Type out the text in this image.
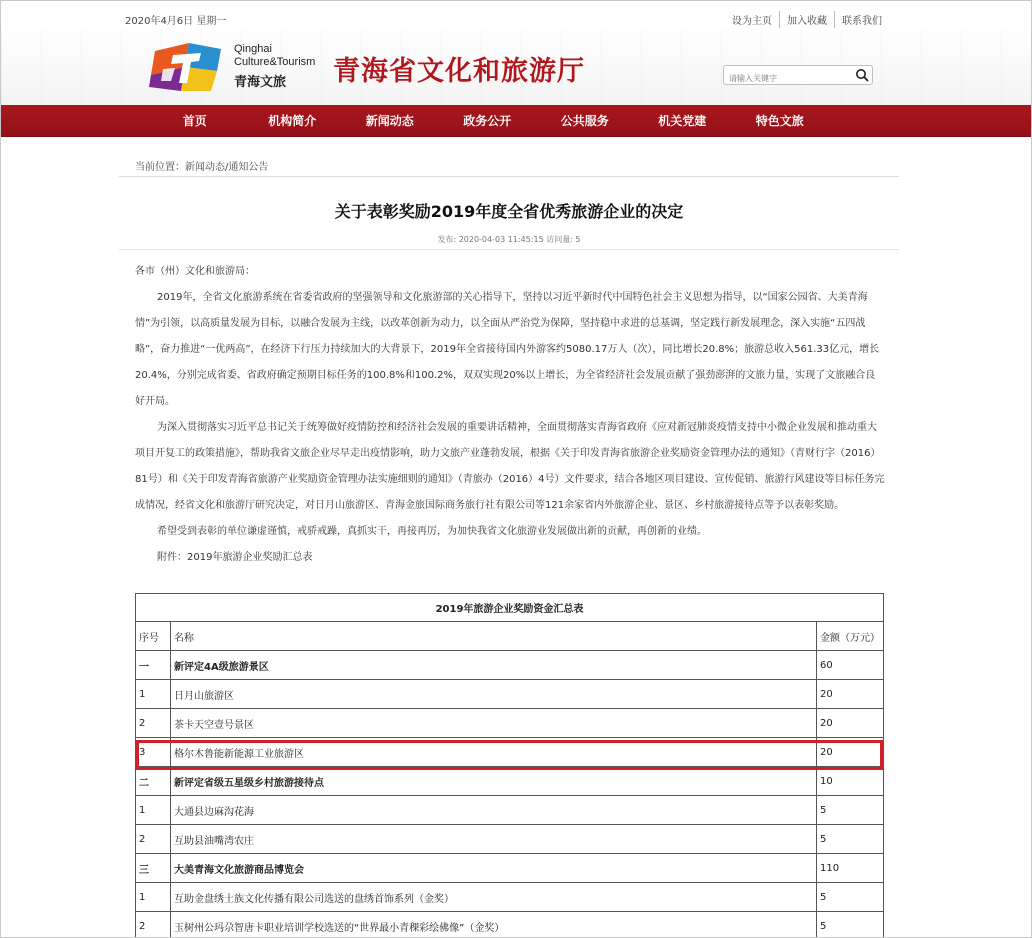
2020年4月6日 星期一	设为主页	加入收藏	联系我们
Qinghai
Culture&Tourism
青海文旅 青海省文化和旅游厅
请输入关键字
首页	机构简介	新闻动态	政务公开	公共服务	机关党建	特色文旅
当前位置：新闻动态/通知公告
关于表彰奖励2019年度全省优秀旅游企业的决定
发布: 2020-04-03 11:45:15 访问量: 5

各市（州）文化和旅游局：

2019年，全省文化旅游系统在省委省政府的坚强领导和文化旅游部的关心指导下，坚持以习近平新时代中国特色社会主义思想为指导，以“国家公园省、大美青海情”为引领，以高质量发展为目标，以融合发展为主线，以改革创新为动力，以全面从严治党为保障，坚持稳中求进的总基调，坚定践行新发展理念，深入实施“五四战略”，奋力推进“一优两高”，在经济下行压力持续加大的大背景下，2019年全省接待国内外游客约5080.17万人（次），同比增长20.8%；旅游总收入561.33亿元，增长20.4%，分别完成省委、省政府确定预期目标任务的100.8%和100.2%，双双实现20%以上增长，为全省经济社会发展贡献了强劲澎湃的文旅力量，实现了文旅融合良好开局。

为深入贯彻落实习近平总书记关于统筹做好疫情防控和经济社会发展的重要讲话精神，全面贯彻落实青海省政府《应对新冠肺炎疫情支持中小微企业发展和推动重大项目开复工的政策措施》，帮助我省文旅企业尽早走出疫情影响，助力文旅产业蓬勃发展，根据《关于印发青海省旅游企业奖励资金管理办法的通知》（青财行字（2016）81号）和《关于印发青海省旅游产业奖励资金管理办法实施细则的通知》（青旅办（2016）4号）文件要求，结合各地区项目建设、宣传促销、旅游行风建设等目标任务完成情况，经省文化和旅游厅研究决定，对日月山旅游区、青海金旅国际商务旅行社有限公司等121余家省内外旅游企业、景区、乡村旅游接待点等予以表彰奖励。

希望受到表彰的单位谦虚谨慎，戒骄戒躁，真抓实干，再接再厉，为加快我省文化旅游业发展做出新的贡献，再创新的业绩。

附件：2019年旅游企业奖励汇总表

2019年旅游企业奖励资金汇总表		
序号	名称	金额（万元）
一	新评定4A级旅游景区	60
1	日月山旅游区	20
2	茶卡天空壹号景区	20
3	格尔木鲁能新能源工业旅游区	20
二	新评定省级五星级乡村旅游接待点	10
1	大通县边麻沟花海	5
2	互助县油嘴湾农庄	5
三	大美青海文化旅游商品博览会	110
1	互助金盘绣土族文化传播有限公司选送的盘绣首饰系列（金奖）	5
2	玉树州公玛尕智唐卡职业培训学校选送的“世界最小青稞彩绘佛像”（金奖）	5
